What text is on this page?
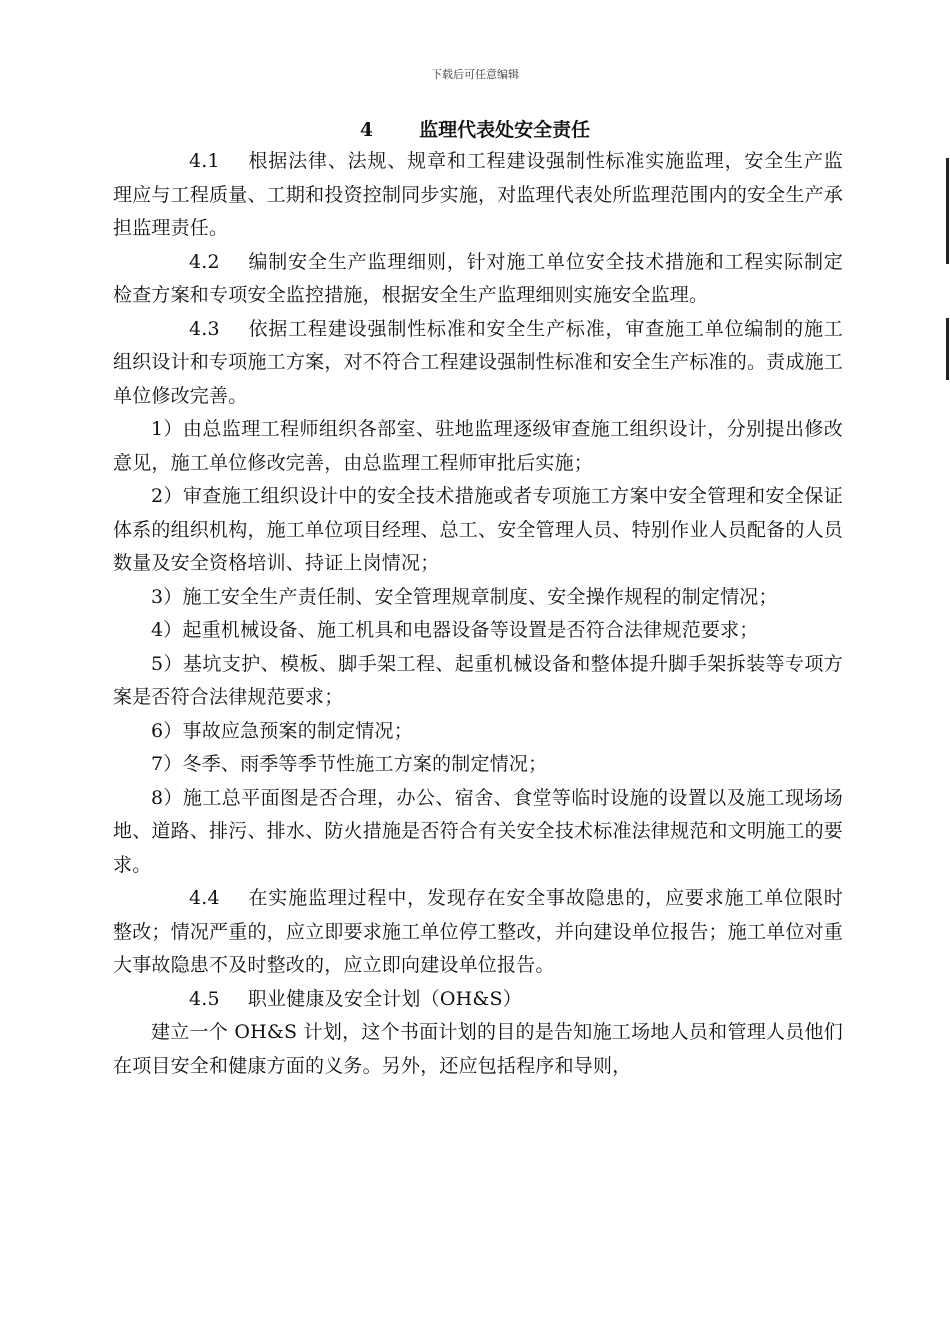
下载后可任意编辑
4 监理代表处安全责任

4.1 根据法律、法规、规章和工程建设强制性标准实施监理，安全生产监理应与工程质量、工期和投资控制同步实施，对监理代表处所监理范围内的安全生产承担监理责任。

4.2 编制安全生产监理细则，针对施工单位安全技术措施和工程实际制定检查方案和专项安全监控措施，根据安全生产监理细则实施安全监理。

4.3 依据工程建设强制性标准和安全生产标准，审查施工单位编制的施工组织设计和专项施工方案，对不符合工程建设强制性标准和安全生产标准的。责成施工单位修改完善。

1）由总监理工程师组织各部室、驻地监理逐级审查施工组织设计，分别提出修改意见，施工单位修改完善，由总监理工程师审批后实施；

2）审查施工组织设计中的安全技术措施或者专项施工方案中安全管理和安全保证体系的组织机构，施工单位项目经理、总工、安全管理人员、特别作业人员配备的人员数量及安全资格培训、持证上岗情况；

3）施工安全生产责任制、安全管理规章制度、安全操作规程的制定情况；

4）起重机械设备、施工机具和电器设备等设置是否符合法律规范要求；

5）基坑支护、模板、脚手架工程、起重机械设备和整体提升脚手架拆装等专项方案是否符合法律规范要求；

6）事故应急预案的制定情况；

7）冬季、雨季等季节性施工方案的制定情况；

8）施工总平面图是否合理，办公、宿舍、食堂等临时设施的设置以及施工现场场地、道路、排污、排水、防火措施是否符合有关安全技术标准法律规范和文明施工的要求。

4.4 在实施监理过程中，发现存在安全事故隐患的，应要求施工单位限时整改；情况严重的，应立即要求施工单位停工整改，并向建设单位报告；施工单位对重大事故隐患不及时整改的，应立即向建设单位报告。

4.5 职业健康及安全计划（OH&S）

建立一个 OH&S 计划，这个书面计划的目的是告知施工场地人员和管理人员他们在项目安全和健康方面的义务。另外，还应包括程序和导则，
